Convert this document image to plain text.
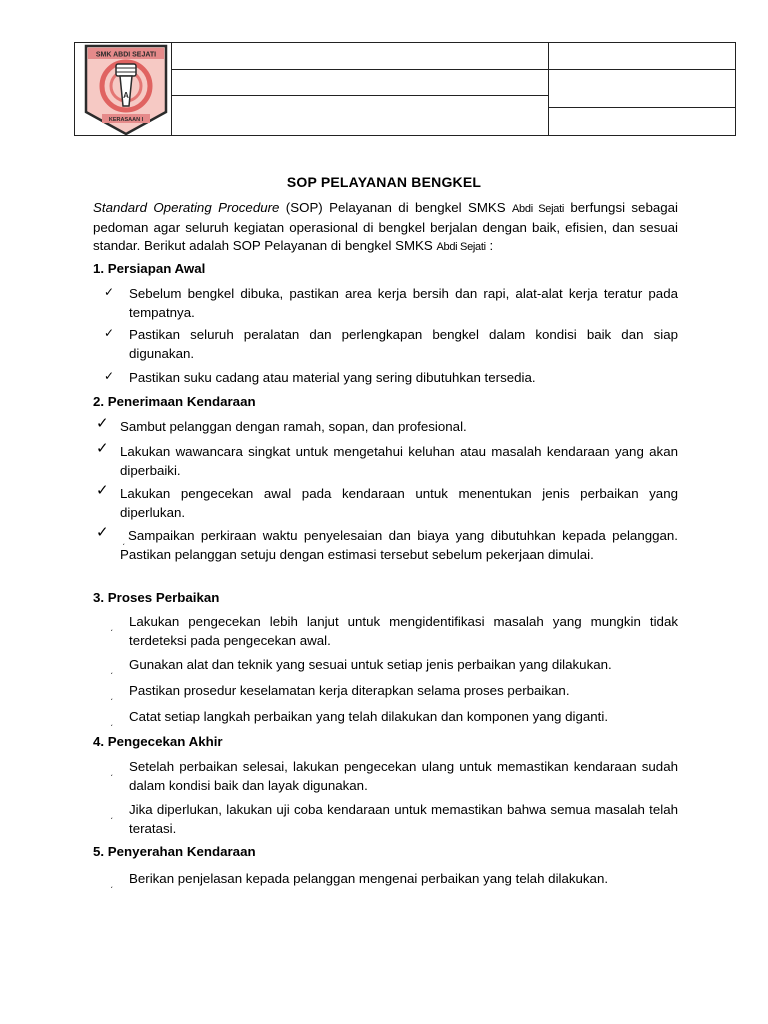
SMK ABDI SEJATI
A
KERASAAN I
SOP PELAYANAN BENGKEL
Standard Operating Procedure (SOP) Pelayanan di bengkel SMKS Abdi Sejati berfungsi sebagai pedoman agar seluruh kegiatan operasional di bengkel berjalan dengan baik, efisien, dan sesuai standar. Berikut adalah SOP Pelayanan di bengkel SMKS Abdi Sejati :
1. Persiapan Awal
✓ Sebelum bengkel dibuka, pastikan area kerja bersih dan rapi, alat-alat kerja teratur pada tempatnya.
✓ Pastikan seluruh peralatan dan perlengkapan bengkel dalam kondisi baik dan siap digunakan.
✓ Pastikan suku cadang atau material yang sering dibutuhkan tersedia.
2. Penerimaan Kendaraan
✓ Sambut pelanggan dengan ramah, sopan, dan profesional.
✓ Lakukan wawancara singkat untuk mengetahui keluhan atau masalah kendaraan yang akan diperbaiki.
✓ Lakukan pengecekan awal pada kendaraan untuk menentukan jenis perbaikan yang diperlukan.
✓ ˏ Sampaikan perkiraan waktu penyelesaian dan biaya yang dibutuhkan kepada pelanggan. Pastikan pelanggan setuju dengan estimasi tersebut sebelum pekerjaan dimulai.
3. Proses Perbaikan
ˏ Lakukan pengecekan lebih lanjut untuk mengidentifikasi masalah yang mungkin tidak terdeteksi pada pengecekan awal.
ˏ Gunakan alat dan teknik yang sesuai untuk setiap jenis perbaikan yang dilakukan.
ˏ Pastikan prosedur keselamatan kerja diterapkan selama proses perbaikan.
ˏ Catat setiap langkah perbaikan yang telah dilakukan dan komponen yang diganti.
4. Pengecekan Akhir
ˏ Setelah perbaikan selesai, lakukan pengecekan ulang untuk memastikan kendaraan sudah dalam kondisi baik dan layak digunakan.
ˏ Jika diperlukan, lakukan uji coba kendaraan untuk memastikan bahwa semua masalah telah teratasi.
5. Penyerahan Kendaraan
ˏ Berikan penjelasan kepada pelanggan mengenai perbaikan yang telah dilakukan.
